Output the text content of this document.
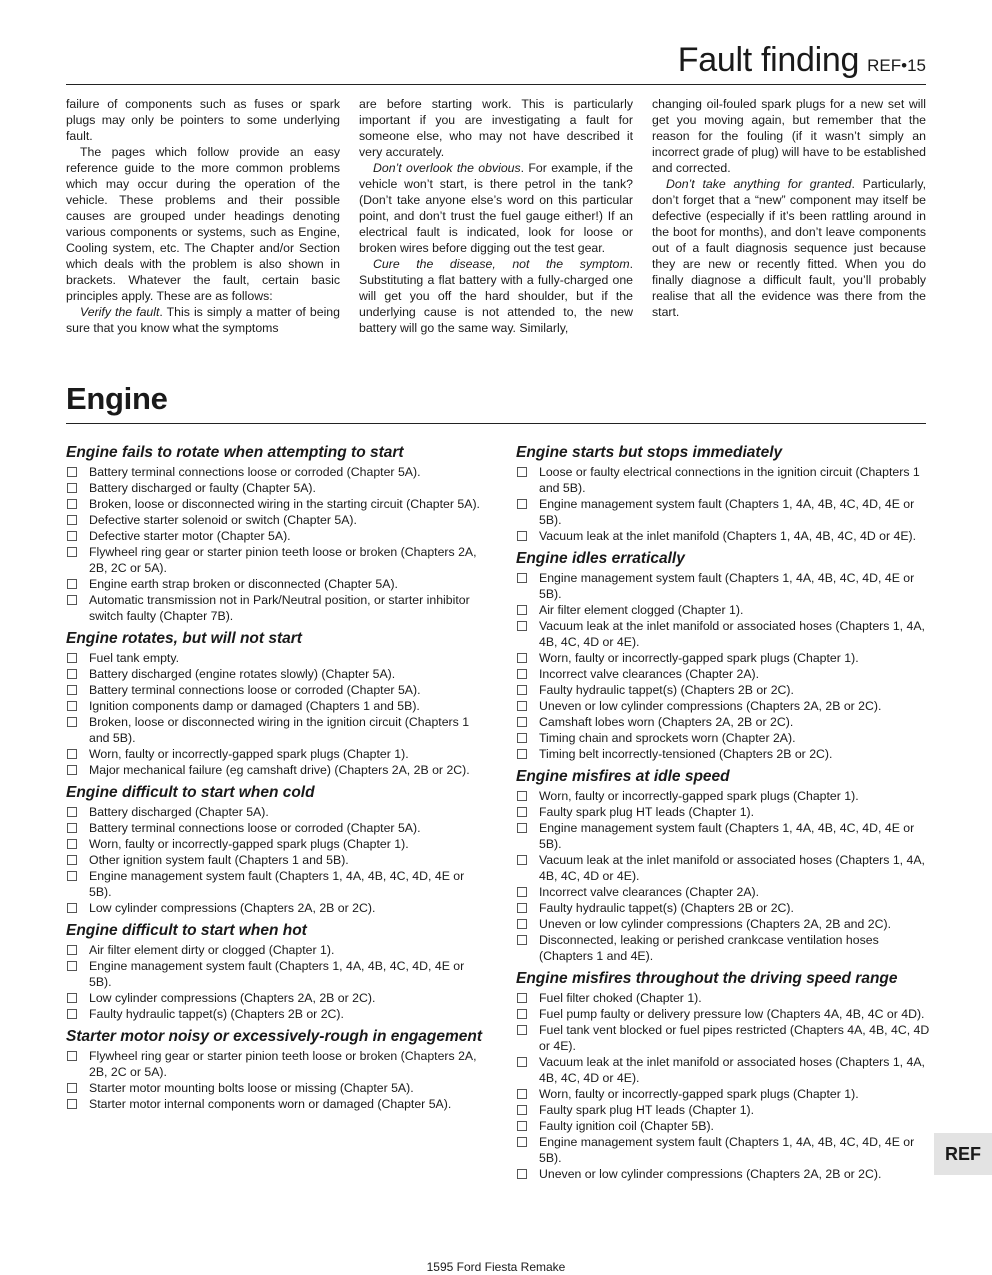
Fault finding REF•15

failure of components such as fuses or spark plugs may only be pointers to some underlying fault.

The pages which follow provide an easy reference guide to the more common problems which may occur during the operation of the vehicle. These problems and their possible causes are grouped under headings denoting various components or systems, such as Engine, Cooling system, etc. The Chapter and/or Section which deals with the problem is also shown in brackets. Whatever the fault, certain basic principles apply. These are as follows:

Verify the fault. This is simply a matter of being sure that you know what the symptoms

are before starting work. This is particularly important if you are investigating a fault for someone else, who may not have described it very accurately.

Don’t overlook the obvious. For example, if the vehicle won’t start, is there petrol in the tank? (Don’t take anyone else’s word on this particular point, and don’t trust the fuel gauge either!) If an electrical fault is indicated, look for loose or broken wires before digging out the test gear.

Cure the disease, not the symptom. Substituting a flat battery with a fully-charged one will get you off the hard shoulder, but if the underlying cause is not attended to, the new battery will go the same way. Similarly,

changing oil-fouled spark plugs for a new set will get you moving again, but remember that the reason for the fouling (if it wasn’t simply an incorrect grade of plug) will have to be established and corrected.

Don’t take anything for granted. Particularly, don’t forget that a “new” component may itself be defective (especially if it’s been rattling around in the boot for months), and don’t leave components out of a fault diagnosis sequence just because they are new or recently fitted. When you do finally diagnose a difficult fault, you’ll probably realise that all the evidence was there from the start.

Engine
Engine fails to rotate when attempting to start
Battery terminal connections loose or corroded (Chapter 5A).
Battery discharged or faulty (Chapter 5A).
Broken, loose or disconnected wiring in the starting circuit (Chapter 5A).
Defective starter solenoid or switch (Chapter 5A).
Defective starter motor (Chapter 5A).
Flywheel ring gear or starter pinion teeth loose or broken (Chapters 2A, 2B, 2C or 5A).
Engine earth strap broken or disconnected (Chapter 5A).
Automatic transmission not in Park/Neutral position, or starter inhibitor switch faulty (Chapter 7B).
Engine rotates, but will not start
Fuel tank empty.
Battery discharged (engine rotates slowly) (Chapter 5A).
Battery terminal connections loose or corroded (Chapter 5A).
Ignition components damp or damaged (Chapters 1 and 5B).
Broken, loose or disconnected wiring in the ignition circuit (Chapters 1 and 5B).
Worn, faulty or incorrectly-gapped spark plugs (Chapter 1).
Major mechanical failure (eg camshaft drive) (Chapters 2A, 2B or 2C).
Engine difficult to start when cold
Battery discharged (Chapter 5A).
Battery terminal connections loose or corroded (Chapter 5A).
Worn, faulty or incorrectly-gapped spark plugs (Chapter 1).
Other ignition system fault (Chapters 1 and 5B).
Engine management system fault (Chapters 1, 4A, 4B, 4C, 4D, 4E or 5B).
Low cylinder compressions (Chapters 2A, 2B or 2C).
Engine difficult to start when hot
Air filter element dirty or clogged (Chapter 1).
Engine management system fault (Chapters 1, 4A, 4B, 4C, 4D, 4E or 5B).
Low cylinder compressions (Chapters 2A, 2B or 2C).
Faulty hydraulic tappet(s) (Chapters 2B or 2C).
Starter motor noisy or excessively-rough in engagement
Flywheel ring gear or starter pinion teeth loose or broken (Chapters 2A, 2B, 2C or 5A).
Starter motor mounting bolts loose or missing (Chapter 5A).
Starter motor internal components worn or damaged (Chapter 5A).
Engine starts but stops immediately
Loose or faulty electrical connections in the ignition circuit (Chapters 1 and 5B).
Engine management system fault (Chapters 1, 4A, 4B, 4C, 4D, 4E or 5B).
Vacuum leak at the inlet manifold (Chapters 1, 4A, 4B, 4C, 4D or 4E).
Engine idles erratically
Engine management system fault (Chapters 1, 4A, 4B, 4C, 4D, 4E or 5B).
Air filter element clogged (Chapter 1).
Vacuum leak at the inlet manifold or associated hoses (Chapters 1, 4A, 4B, 4C, 4D or 4E).
Worn, faulty or incorrectly-gapped spark plugs (Chapter 1).
Incorrect valve clearances (Chapter 2A).
Faulty hydraulic tappet(s) (Chapters 2B or 2C).
Uneven or low cylinder compressions (Chapters 2A, 2B or 2C).
Camshaft lobes worn (Chapters 2A, 2B or 2C).
Timing chain and sprockets worn (Chapter 2A).
Timing belt incorrectly-tensioned (Chapters 2B or 2C).
Engine misfires at idle speed
Worn, faulty or incorrectly-gapped spark plugs (Chapter 1).
Faulty spark plug HT leads (Chapter 1).
Engine management system fault (Chapters 1, 4A, 4B, 4C, 4D, 4E or 5B).
Vacuum leak at the inlet manifold or associated hoses (Chapters 1, 4A, 4B, 4C, 4D or 4E).
Incorrect valve clearances (Chapter 2A).
Faulty hydraulic tappet(s) (Chapters 2B or 2C).
Uneven or low cylinder compressions (Chapters 2A, 2B and 2C).
Disconnected, leaking or perished crankcase ventilation hoses (Chapters 1 and 4E).
Engine misfires throughout the driving speed range
Fuel filter choked (Chapter 1).
Fuel pump faulty or delivery pressure low (Chapters 4A, 4B, 4C or 4D).
Fuel tank vent blocked or fuel pipes restricted (Chapters 4A, 4B, 4C, 4D or 4E).
Vacuum leak at the inlet manifold or associated hoses (Chapters 1, 4A, 4B, 4C, 4D or 4E).
Worn, faulty or incorrectly-gapped spark plugs (Chapter 1).
Faulty spark plug HT leads (Chapter 1).
Faulty ignition coil (Chapter 5B).
Engine management system fault (Chapters 1, 4A, 4B, 4C, 4D, 4E or 5B).
Uneven or low cylinder compressions (Chapters 2A, 2B or 2C).
REF
1595 Ford Fiesta Remake
